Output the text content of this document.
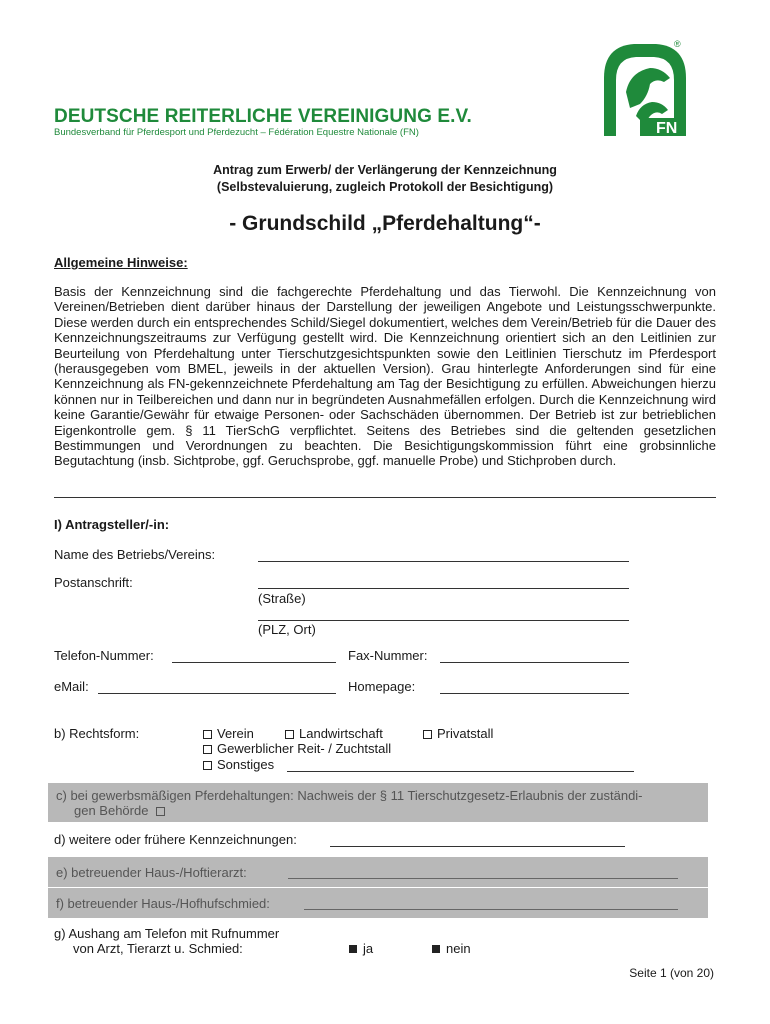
DEUTSCHE REITERLICHE VEREINIGUNG E.V.
Bundesverband für Pferdesport und Pferdezucht – Fédération Equestre Nationale (FN)	FN
®
Antrag zum Erwerb/ der Verlängerung der Kennzeichnung
(Selbstevaluierung, zugleich Protokoll der Besichtigung)
- Grundschild „Pferdehaltung“-
Allgemeine Hinweise:
Basis der Kennzeichnung sind die fachgerechte Pferdehaltung und das Tierwohl. Die Kennzeichnung von Vereinen/Betrieben dient darüber hinaus der Darstellung der jeweiligen Angebote und Leistungsschwerpunkte. Diese werden durch ein entsprechendes Schild/Siegel dokumentiert, welches dem Verein/Betrieb für die Dauer des Kennzeichnungszeitraums zur Verfügung gestellt wird. Die Kennzeichnung orientiert sich an den Leitlinien zur Beurteilung von Pferdehaltung unter Tierschutzgesichtspunkten sowie den Leitlinien Tierschutz im Pferdesport (herausgegeben vom BMEL, jeweils in der aktuellen Version). Grau hinterlegte Anforderungen sind für eine Kennzeichnung als FN-gekennzeichnete Pferdehaltung am Tag der Besichtigung zu erfüllen. Abweichungen hierzu können nur in Teilbereichen und dann nur in begründeten Ausnahmefällen erfolgen. Durch die Kennzeichnung wird keine Garantie/Gewähr für etwaige Personen- oder Sachschäden übernommen. Der Betrieb ist zur betrieblichen Eigenkontrolle gem. § 11 TierSchG verpflichtet. Seitens des Betriebes sind die geltenden gesetzlichen Bestimmungen und Verordnungen zu beachten. Die Besichtigungskommission führt eine grobsinnliche Begutachtung (insb. Sichtprobe, ggf. Geruchsprobe, ggf. manuelle Probe) und Stichproben durch.
I) Antragsteller/-in:
Name des Betriebs/Vereins:
Postanschrift:
(Straße)
(PLZ, Ort)
Telefon-Nummer:	Fax-Nummer:
eMail:	Homepage:
b) Rechtsform:	Verein	Landwirtschaft	Privatstall
Gewerblicher Reit- / Zuchtstall
Sonstiges
c) bei gewerbsmäßigen Pferdehaltungen: Nachweis der § 11 Tierschutzgesetz-Erlaubnis der zuständi-
gen Behörde
d) weitere oder frühere Kennzeichnungen:
e) betreuender Haus-/Hoftierarzt:
f) betreuender Haus-/Hofhufschmied:
g) Aushang am Telefon mit Rufnummer
von Arzt, Tierarzt u. Schmied:	ja	nein
Seite 1 (von 20)
